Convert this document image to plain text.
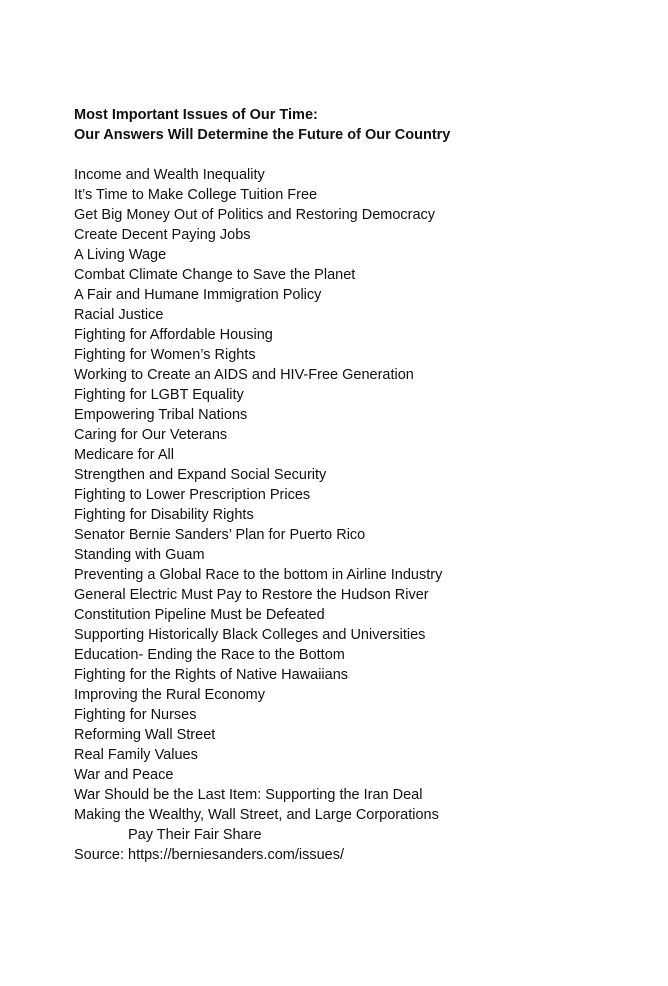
Most Important Issues of Our Time:
Our Answers Will Determine the Future of Our Country
Income and Wealth Inequality
It’s Time to Make College Tuition Free
Get Big Money Out of Politics and Restoring Democracy
Create Decent Paying Jobs
A Living Wage
Combat Climate Change to Save the Planet
A Fair and Humane Immigration Policy
Racial Justice
Fighting for Affordable Housing
Fighting for Women’s Rights
Working to Create an AIDS and HIV-Free Generation
Fighting for LGBT Equality
Empowering Tribal Nations
Caring for Our Veterans
Medicare for All
Strengthen and Expand Social Security
Fighting to Lower Prescription Prices
Fighting for Disability Rights
Senator Bernie Sanders’ Plan for Puerto Rico
Standing with Guam
Preventing a Global Race to the bottom in Airline Industry
General Electric Must Pay to Restore the Hudson River
Constitution Pipeline Must be Defeated
Supporting Historically Black Colleges and Universities
Education- Ending the Race to the Bottom
Fighting for the Rights of Native Hawaiians
Improving the Rural Economy
Fighting for Nurses
Reforming Wall Street
Real Family Values
War and Peace
War Should be the Last Item: Supporting the Iran Deal
Making the Wealthy, Wall Street, and Large Corporations
Pay Their Fair Share

Source: https://berniesanders.com/issues/
